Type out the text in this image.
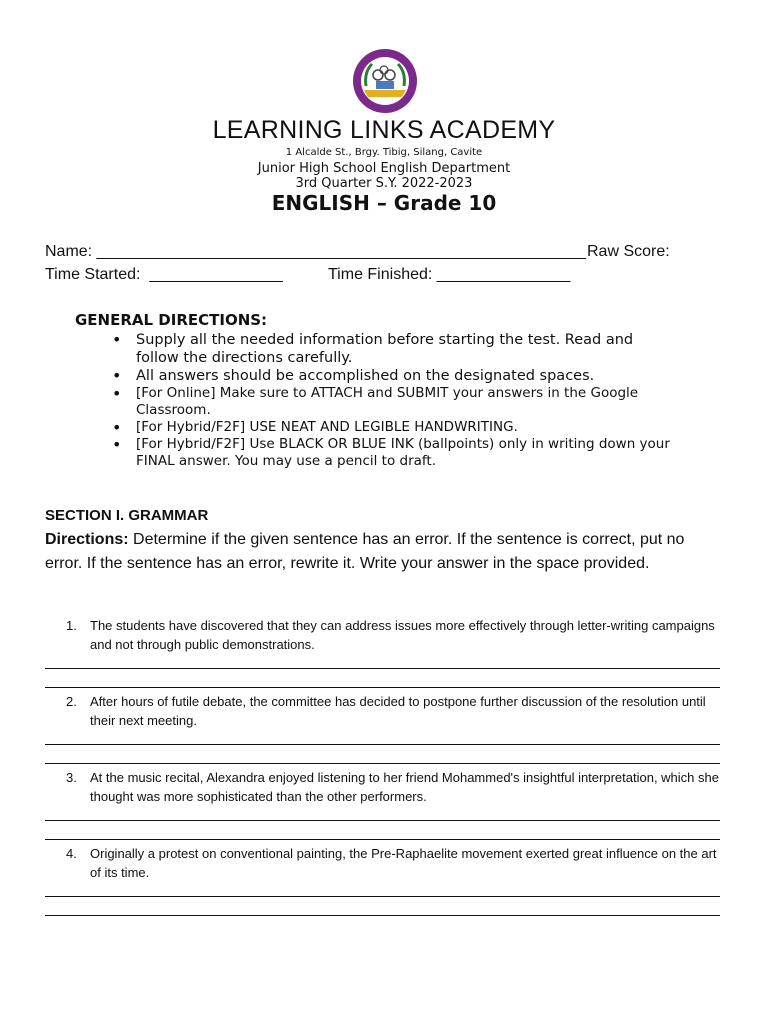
LEARNING LINKS ACADEMY
1 Alcalde St., Brgy. Tibig, Silang, Cavite
Junior High School English Department
3rd Quarter S.Y. 2022-2023
ENGLISH – Grade 10
Name: _______________________________________________________ Raw Score:
Time Started:  _______________	Time Finished: _______________
GENERAL DIRECTIONS:
• Supply all the needed information before starting the test. Read and follow the directions carefully.
• All answers should be accomplished on the designated spaces.
• [For Online] Make sure to ATTACH and SUBMIT your answers in the Google Classroom.
• [For Hybrid/F2F] USE NEAT AND LEGIBLE HANDWRITING.
• [For Hybrid/F2F] Use BLACK OR BLUE INK (ballpoints) only in writing down your FINAL answer. You may use a pencil to draft.
SECTION I. GRAMMAR
Directions: Determine if the given sentence has an error. If the sentence is correct, put no error. If the sentence has an error, rewrite it. Write your answer in the space provided.
1. The students have discovered that they can address issues more effectively through letter-writing campaigns and not through public demonstrations.
2. After hours of futile debate, the committee has decided to postpone further discussion of the resolution until their next meeting.
3. At the music recital, Alexandra enjoyed listening to her friend Mohammed's insightful interpretation, which she thought was more sophisticated than the other performers.
4. Originally a protest on conventional painting, the Pre-Raphaelite movement exerted great influence on the art of its time.
